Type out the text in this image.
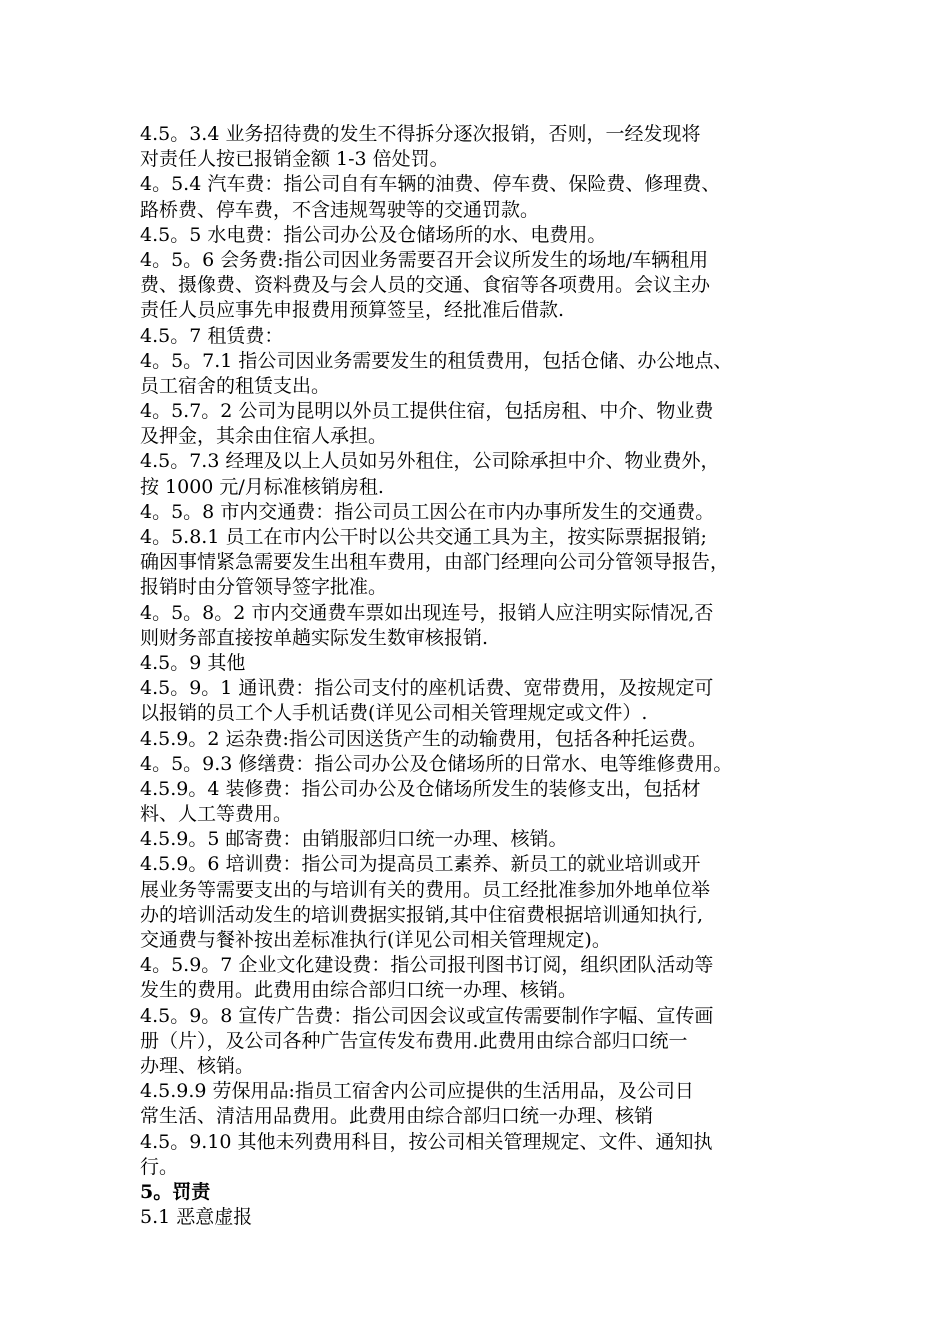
4.5。3.4 业务招待费的发生不得拆分逐次报销，否则，一经发现将
对责任人按已报销金额 1-3 倍处罚。
4。5.4 汽车费：指公司自有车辆的油费、停车费、保险费、修理费、
路桥费、停车费，不含违规驾驶等的交通罚款。
4.5。5 水电费：指公司办公及仓储场所的水、电费用。
4。5。6 会务费:指公司因业务需要召开会议所发生的场地/车辆租用
费、摄像费、资料费及与会人员的交通、食宿等各项费用。会议主办
责任人员应事先申报费用预算签呈，经批准后借款.
4.5。7 租赁费：
4。5。7.1 指公司因业务需要发生的租赁费用，包括仓储、办公地点、
员工宿舍的租赁支出。
4。5.7。2 公司为昆明以外员工提供住宿，包括房租、中介、物业费
及押金，其余由住宿人承担。
4.5。7.3 经理及以上人员如另外租住，公司除承担中介、物业费外，
按 1000 元/月标准核销房租.
4。5。8 市内交通费：指公司员工因公在市内办事所发生的交通费。
4。5.8.1 员工在市内公干时以公共交通工具为主，按实际票据报销;
确因事情紧急需要发生出租车费用，由部门经理向公司分管领导报告，
报销时由分管领导签字批准。
4。5。8。2 市内交通费车票如出现连号，报销人应注明实际情况,否
则财务部直接按单趟实际发生数审核报销.
4.5。9 其他
4.5。9。1 通讯费：指公司支付的座机话费、宽带费用，及按规定可
以报销的员工个人手机话费(详见公司相关管理规定或文件）.
4.5.9。2 运杂费:指公司因送货产生的动输费用，包括各种托运费。
4。5。9.3 修缮费：指公司办公及仓储场所的日常水、电等维修费用。
4.5.9。4 装修费：指公司办公及仓储场所发生的装修支出，包括材
料、人工等费用。
4.5.9。5 邮寄费：由销服部归口统一办理、核销。
4.5.9。6 培训费：指公司为提高员工素养、新员工的就业培训或开
展业务等需要支出的与培训有关的费用。员工经批准参加外地单位举
办的培训活动发生的培训费据实报销,其中住宿费根据培训通知执行,
交通费与餐补按出差标准执行(详见公司相关管理规定)。
4。5.9。7 企业文化建设费：指公司报刊图书订阅，组织团队活动等
发生的费用。此费用由综合部归口统一办理、核销。
4.5。9。8 宣传广告费：指公司因会议或宣传需要制作字幅、宣传画
册（片），及公司各种广告宣传发布费用.此费用由综合部归口统一
办理、核销。
4.5.9.9 劳保用品:指员工宿舍内公司应提供的生活用品，及公司日
常生活、清洁用品费用。此费用由综合部归口统一办理、核销
4.5。9.10 其他未列费用科目，按公司相关管理规定、文件、通知执
行。
5。罚责
5.1 恶意虚报
